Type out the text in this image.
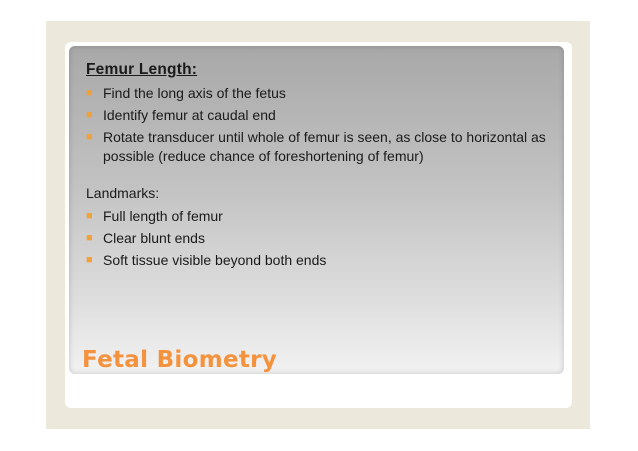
Femur Length:
■ Find the long axis of the fetus
■ Identify femur at caudal end
■ Rotate transducer until whole of femur is seen, as close to horizontal as possible (reduce chance of foreshortening of femur)
Landmarks:
■ Full length of femur
■ Clear blunt ends
■ Soft tissue visible beyond both ends
Fetal Biometry
